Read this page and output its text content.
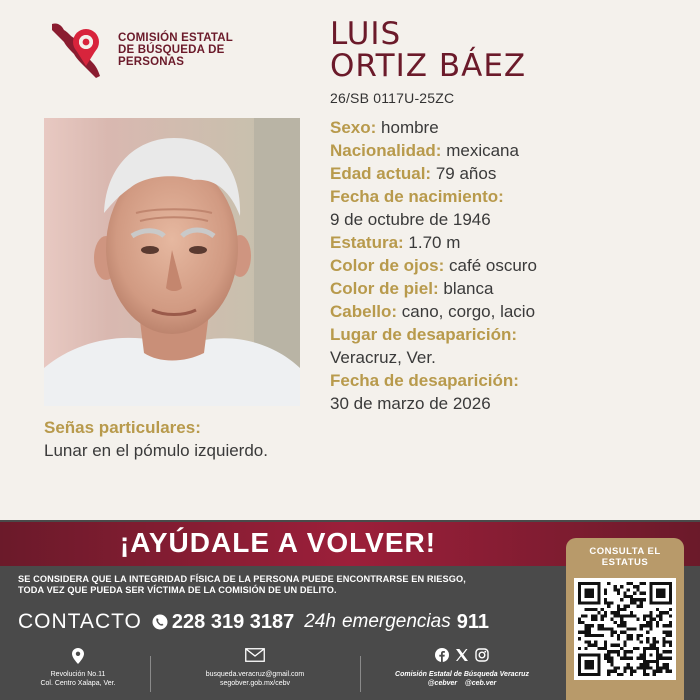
COMISIÓN ESTATAL
DE BÚSQUEDA DE
PERSONAS
LUIS
ORTIZ BÁEZ
26/SB 0117U-25ZC
Sexo: hombre
Nacionalidad: mexicana
Edad actual: 79 años
Fecha de nacimiento:
9 de octubre de 1946
Estatura: 1.70 m
Color de ojos: café oscuro
Color de piel: blanca
Cabello: cano, corgo, lacio
Lugar de desaparición:
Veracruz, Ver.
Fecha de desaparición:
30 de marzo de 2026
Señas particulares:
Lunar en el pómulo izquierdo.
¡AYÚDALE A VOLVER!
SE CONSIDERA QUE LA INTEGRIDAD FÍSICA DE LA PERSONA PUEDE ENCONTRARSE EN RIESGO,
TODA VEZ QUE PUEDA SER VÍCTIMA DE LA COMISIÓN DE UN DELITO.
CONTACTO 228 319 3187 24h emergencias 911
Revolución No.11
Col. Centro Xalapa, Ver.
busqueda.veracruz@gmail.com
segobver.gob.mx/cebv
Comisión Estatal de Búsqueda Veracruz
@cebver @ceb.ver
CONSULTA EL
ESTATUS
